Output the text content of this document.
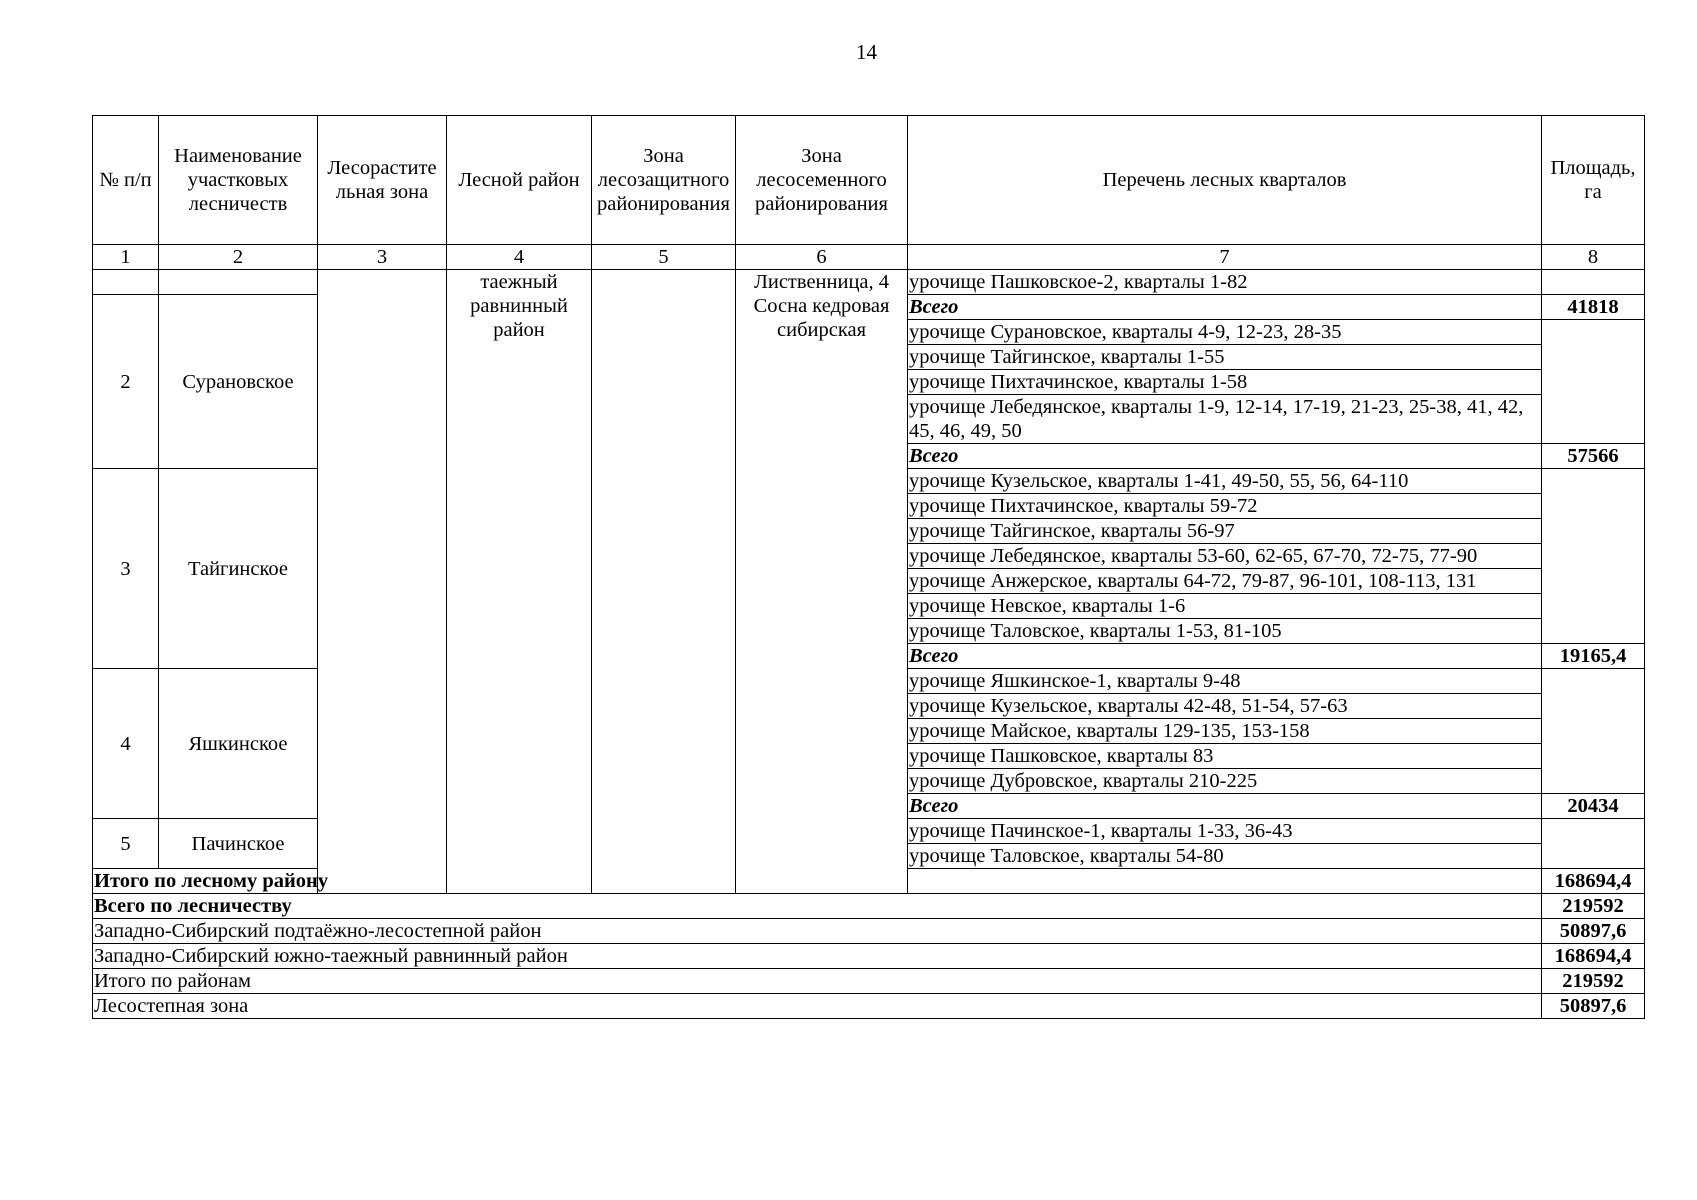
14
№ п/п	Наименование участковых лесничеств	Лесорастите льная зона	Лесной район	Зона лесозащитного районирования	Зона лесосеменного районирования	Перечень лесных кварталов	Площадь, га
1	2	3	4	5	6	7	8
			таежный равнинный район		Лиственница, 4 Сосна кедровая сибирская	урочище Пашковское-2, кварталы 1-82	
2	Сурановское					Всего	41818
						урочище Сурановское, кварталы 4-9, 12-23, 28-35	
						урочище Тайгинское, кварталы 1-55	
						урочище Пихтачинское, кварталы 1-58	
						урочище Лебедянское, кварталы 1-9, 12-14, 17-19, 21-23, 25-38, 41, 42, 45, 46, 49, 50	
						Всего	57566
3	Тайгинское					урочище Кузельское, кварталы 1-41, 49-50, 55, 56, 64-110	
						урочище Пихтачинское, кварталы 59-72	
						урочище Тайгинское, кварталы 56-97	
						урочище Лебедянское, кварталы 53-60, 62-65, 67-70, 72-75, 77-90	
						урочище Анжерское, кварталы 64-72, 79-87, 96-101, 108-113, 131	
						урочище Невское, кварталы 1-6	
						урочище Таловское, кварталы 1-53, 81-105	
						Всего	19165,4
4	Яшкинское					урочище Яшкинское-1, кварталы 9-48	
						урочище Кузельское, кварталы 42-48, 51-54, 57-63	
						урочище Майское, кварталы 129-135, 153-158	
						урочище Пашковское, кварталы 83	
						урочище Дубровское, кварталы 210-225	
						Всего	20434
5	Пачинское					урочище Пачинское-1, кварталы 1-33, 36-43	
						урочище Таловское, кварталы 54-80	
Итого по лесному району							168694,4
Всего по лесничеству							219592
Западно-Сибирский подтаёжно-лесостепной район							50897,6
Западно-Сибирский южно-таежный равнинный район							168694,4
Итого по районам							219592
Лесостепная зона							50897,6
